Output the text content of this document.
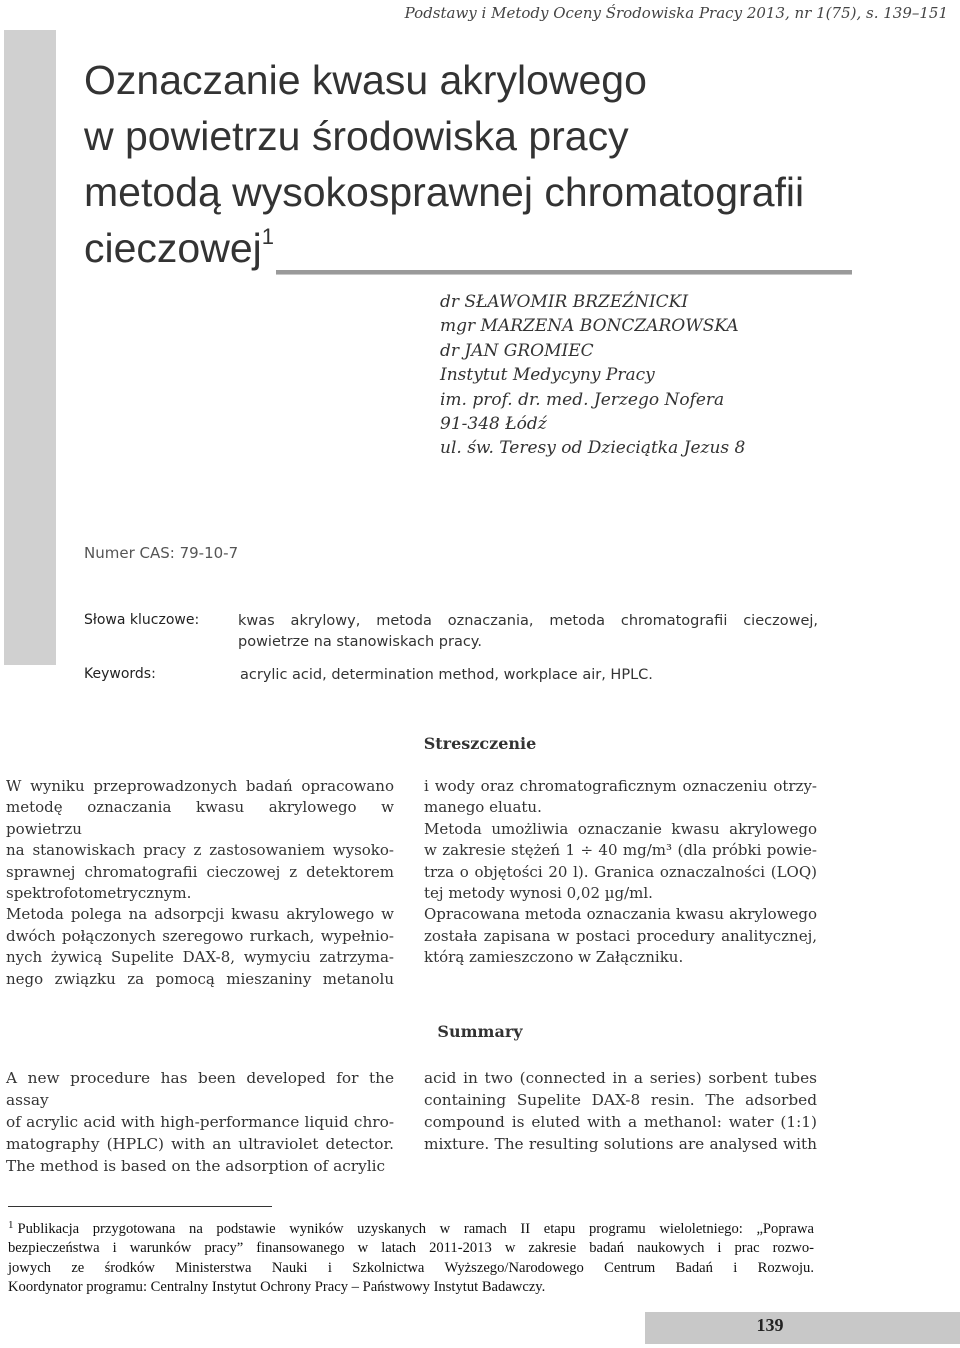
Podstawy i Metody Oceny Środowiska Pracy 2013, nr 1(75), s. 139–151
Oznaczanie kwasu akrylowego
w powietrzu środowiska pracy
metodą wysokosprawnej chromatografii
cieczowej$^1$
dr SŁAWOMIR BRZEŹNICKI
mgr MARZENA BONCZAROWSKA
dr JAN GROMIEC
Instytut Medycyny Pracy
im. prof. dr. med. Jerzego Nofera
91-348 Łódź
ul. św. Teresy od Dzieciątka Jezus 8
Numer CAS: 79-10-7
Słowa kluczowe:	kwas akrylowy, metoda oznaczania, metoda chromatografii cieczowej,
powietrze na stanowiskach pracy.
Keywords:	acrylic acid, determination method, workplace air, HPLC.
Streszczenie

W wyniku przeprowadzonych badań opracowano

metodę oznaczania kwasu akrylowego w powietrzu

na stanowiskach pracy z zastosowaniem wysoko-

sprawnej chromatografii cieczowej z detektorem

spektrofotometrycznym.

Metoda polega na adsorpcji kwasu akrylowego w

dwóch połączonych szeregowo rurkach, wypełnio-

nych żywicą Supelite DAX-8, wymyciu zatrzyma-

nego związku za pomocą mieszaniny metanolu

i wody oraz chromatograficznym oznaczeniu otrzy-

manego eluatu.

Metoda umożliwia oznaczanie kwasu akrylowego

w zakresie stężeń 1 ÷ 40 mg/m³ (dla próbki powie-

trza o objętości 20 l). Granica oznaczalności (LOQ)

tej metody wynosi 0,02 µg/ml.

Opracowana metoda oznaczania kwasu akrylowego

została zapisana w postaci procedury analitycznej,

którą zamieszczono w Załączniku.

Summary

A new procedure has been developed for the assay

of acrylic acid with high-performance liquid chro-

matography (HPLC) with an ultraviolet detector.

The method is based on the adsorption of acrylic

acid in two (connected in a series) sorbent tubes

containing Supelite DAX-8 resin. The adsorbed

compound is eluted with a methanol: water (1:1)

mixture. The resulting solutions are analysed with

$^1$ Publikacja przygotowana na podstawie wyników uzyskanych w ramach II etapu programu wieloletniego: „Poprawa
bezpieczeństwa i warunków pracy” finansowanego w latach 2011-2013 w zakresie badań naukowych i prac rozwo-
jowych ze środków Ministerstwa Nauki i Szkolnictwa Wyższego/Narodowego Centrum Badań i Rozwoju.
Koordynator programu: Centralny Instytut Ochrony Pracy – Państwowy Instytut Badawczy.
139
